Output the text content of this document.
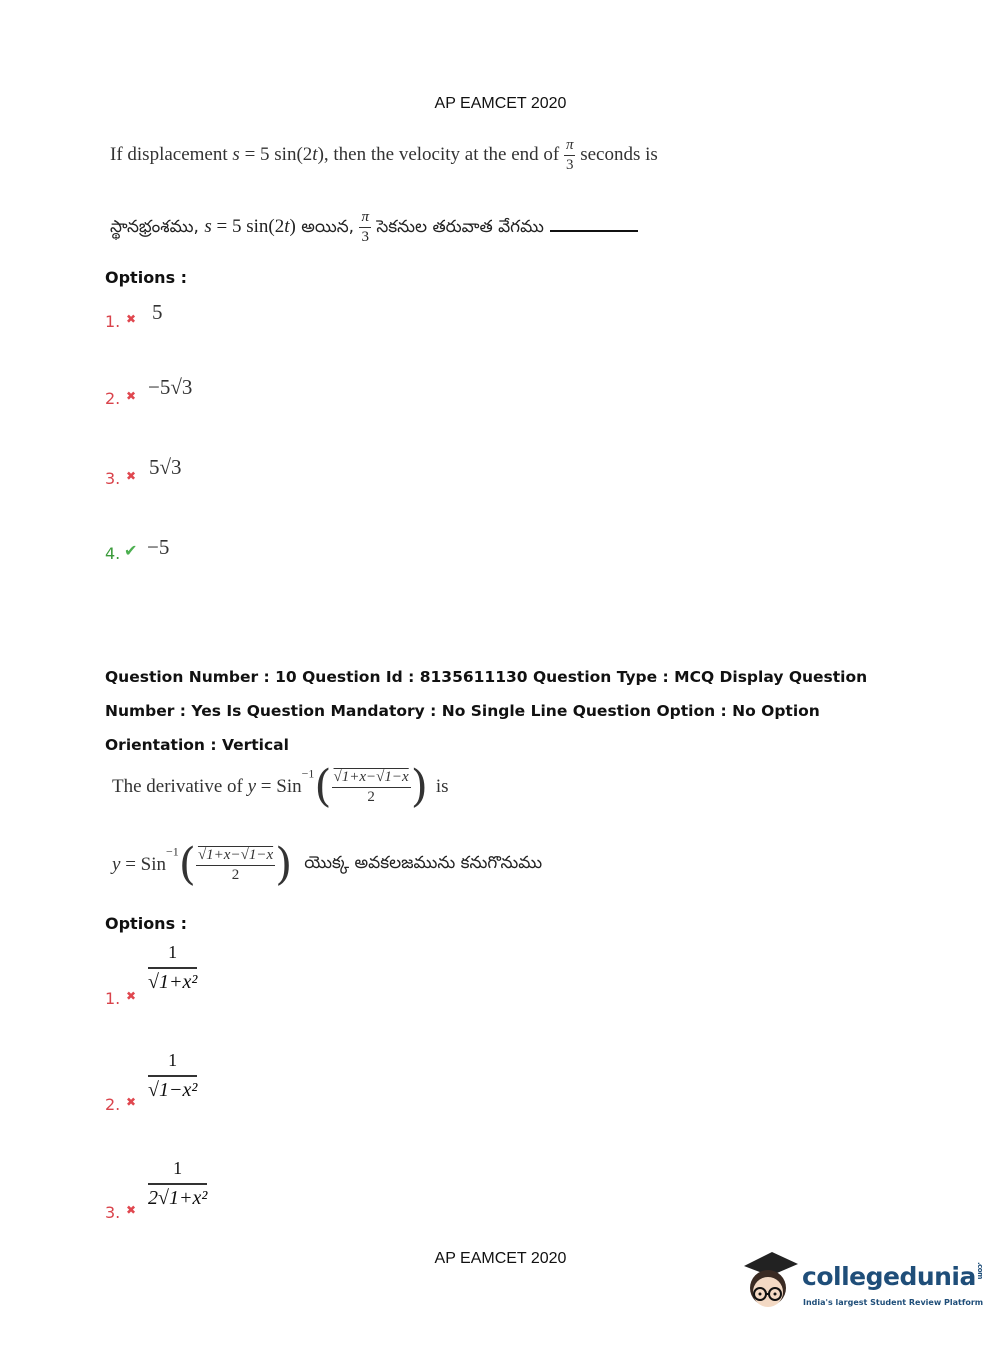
AP EAMCET 2020
If displacement s = 5 sin(2t), then the velocity at the end of $\frac{\pi}{3}$ seconds is
స్థానభ్రంశము, s = 5 sin(2t) అయిన, $\frac{\pi}{3}$ సెకనుల తరువాత వేగము
Options :
1. ✖ 5
2. ✖ −5√3
3. ✖ 5√3
4. ✔ −5
Question Number : 10 Question Id : 8135611130 Question Type : MCQ Display Question
Number : Yes Is Question Mandatory : No Single Line Question Option : No Option
Orientation : Vertical
The derivative of $y = Sin^{-1}( \frac{√1+x-√1-x}{2}$ ) is
$y = Sin^{-1}( \frac{√1+x-√1-x}{2}$ ) యొక్క అవకలజమును కనుగొనుము
Options :
1. ✖
$\frac{1}{\text{√1+x²}}$
2. ✖ $\frac{1}{\text{√1−x²}}$
3. ✖ $\frac{1}{\text{2√1+x²}}$
AP EAMCET 2020
collegedunia.com
India's largest Student Review Platform
